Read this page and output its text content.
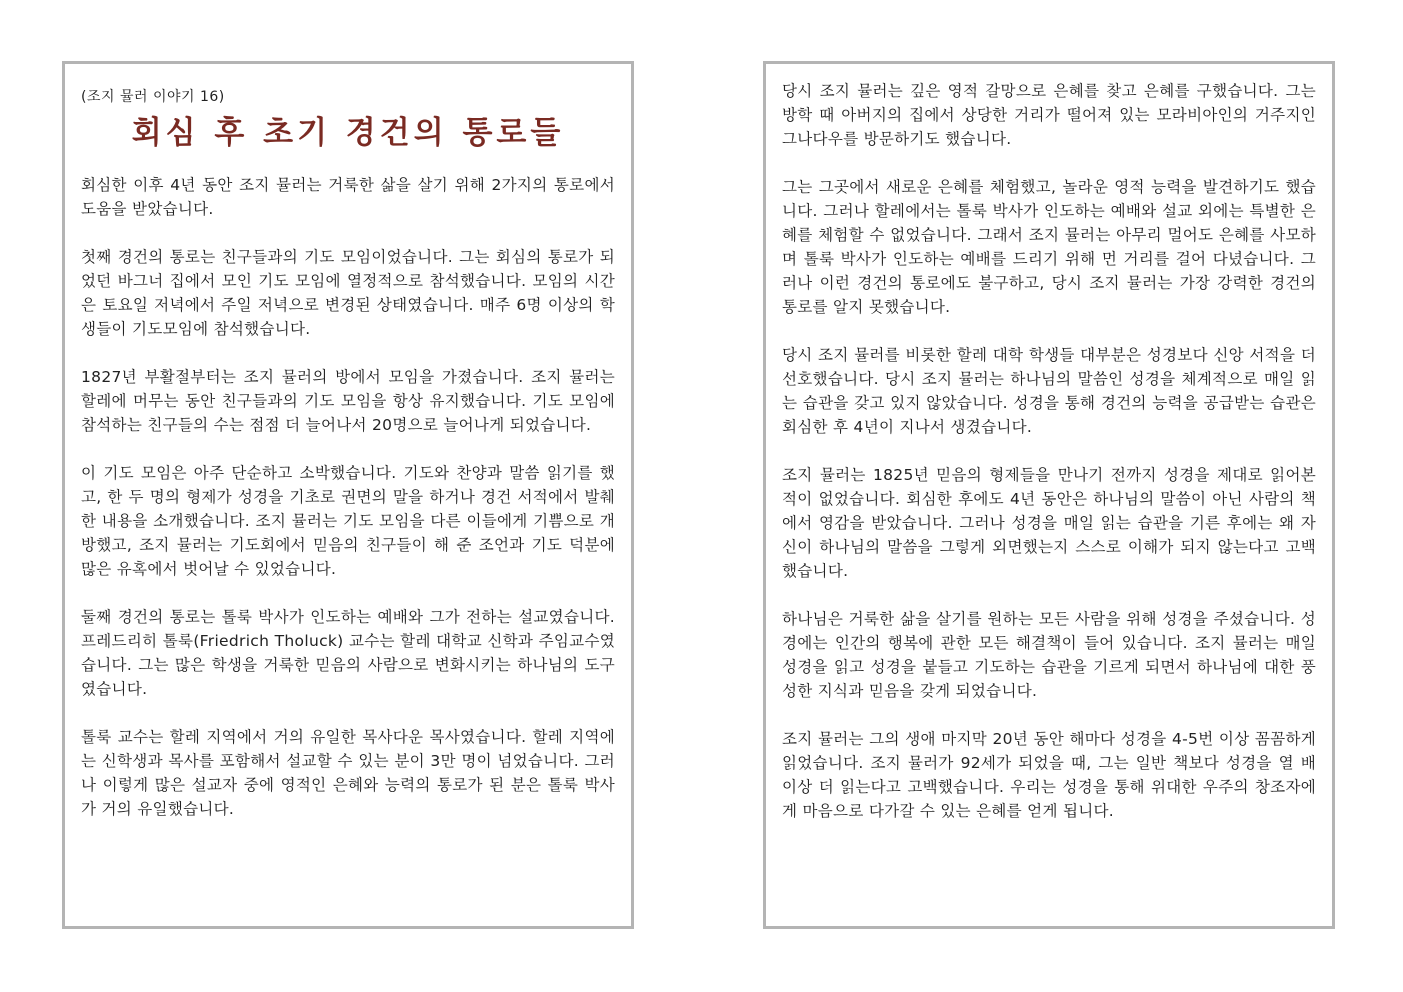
(조지 뮬러 이야기 16)
회심 후 초기 경건의 통로들

회심한 이후 4년 동안 조지 뮬러는 거룩한 삶을 살기 위해 2가지의 통로에서 도움을 받았습니다.

첫째 경건의 통로는 친구들과의 기도 모임이었습니다. 그는 회심의 통로가 되었던 바그너 집에서 모인 기도 모임에 열정적으로 참석했습니다. 모임의 시간은 토요일 저녁에서 주일 저녁으로 변경된 상태였습니다. 매주 6명 이상의 학생들이 기도모임에 참석했습니다.

1827년 부활절부터는 조지 뮬러의 방에서 모임을 가졌습니다. 조지 뮬러는 할레에 머무는 동안 친구들과의 기도 모임을 항상 유지했습니다. 기도 모임에 참석하는 친구들의 수는 점점 더 늘어나서 20명으로 늘어나게 되었습니다.

이 기도 모임은 아주 단순하고 소박했습니다. 기도와 찬양과 말씀 읽기를 했고, 한 두 명의 형제가 성경을 기초로 권면의 말을 하거나 경건 서적에서 발췌한 내용을 소개했습니다. 조지 뮬러는 기도 모임을 다른 이들에게 기쁨으로 개방했고, 조지 뮬러는 기도회에서 믿음의 친구들이 해 준 조언과 기도 덕분에 많은 유혹에서 벗어날 수 있었습니다.

둘째 경건의 통로는 톨룩 박사가 인도하는 예배와 그가 전하는 설교였습니다. 프레드리히 톨룩(Friedrich Tholuck) 교수는 할레 대학교 신학과 주임교수였습니다. 그는 많은 학생을 거룩한 믿음의 사람으로 변화시키는 하나님의 도구였습니다.

톨룩 교수는 할레 지역에서 거의 유일한 목사다운 목사였습니다. 할레 지역에는 신학생과 목사를 포함해서 설교할 수 있는 분이 3만 명이 넘었습니다. 그러나 이렇게 많은 설교자 중에 영적인 은혜와 능력의 통로가 된 분은 톨룩 박사가 거의 유일했습니다.

당시 조지 뮬러는 깊은 영적 갈망으로 은혜를 찾고 은혜를 구했습니다. 그는 방학 때 아버지의 집에서 상당한 거리가 떨어져 있는 모라비아인의 거주지인 그나다우를 방문하기도 했습니다.

그는 그곳에서 새로운 은혜를 체험했고, 놀라운 영적 능력을 발견하기도 했습니다. 그러나 할레에서는 톨룩 박사가 인도하는 예배와 설교 외에는 특별한 은혜를 체험할 수 없었습니다. 그래서 조지 뮬러는 아무리 멀어도 은혜를 사모하며 톨룩 박사가 인도하는 예배를 드리기 위해 먼 거리를 걸어 다녔습니다. 그러나 이런 경건의 통로에도 불구하고, 당시 조지 뮬러는 가장 강력한 경건의 통로를 알지 못했습니다.

당시 조지 뮬러를 비롯한 할레 대학 학생들 대부분은 성경보다 신앙 서적을 더 선호했습니다. 당시 조지 뮬러는 하나님의 말씀인 성경을 체계적으로 매일 읽는 습관을 갖고 있지 않았습니다. 성경을 통해 경건의 능력을 공급받는 습관은 회심한 후 4년이 지나서 생겼습니다.

조지 뮬러는 1825년 믿음의 형제들을 만나기 전까지 성경을 제대로 읽어본 적이 없었습니다. 회심한 후에도 4년 동안은 하나님의 말씀이 아닌 사람의 책에서 영감을 받았습니다. 그러나 성경을 매일 읽는 습관을 기른 후에는 왜 자신이 하나님의 말씀을 그렇게 외면했는지 스스로 이해가 되지 않는다고 고백했습니다.

하나님은 거룩한 삶을 살기를 원하는 모든 사람을 위해 성경을 주셨습니다. 성경에는 인간의 행복에 관한 모든 해결책이 들어 있습니다. 조지 뮬러는 매일 성경을 읽고 성경을 붙들고 기도하는 습관을 기르게 되면서 하나님에 대한 풍성한 지식과 믿음을 갖게 되었습니다.

조지 뮬러는 그의 생애 마지막 20년 동안 해마다 성경을 4-5번 이상 꼼꼼하게 읽었습니다. 조지 뮬러가 92세가 되었을 때, 그는 일반 책보다 성경을 열 배 이상 더 읽는다고 고백했습니다. 우리는 성경을 통해 위대한 우주의 창조자에게 마음으로 다가갈 수 있는 은혜를 얻게 됩니다.
